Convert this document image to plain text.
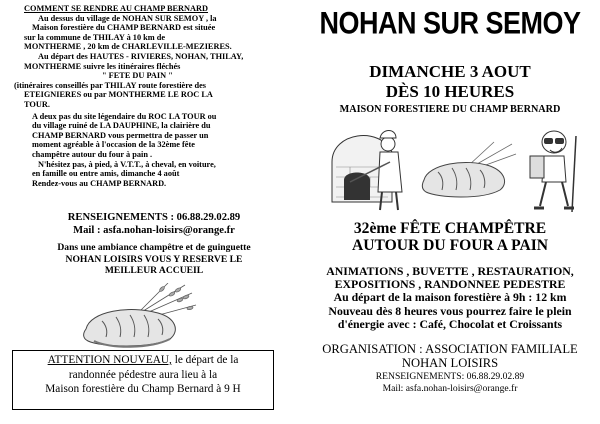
COMMENT SE RENDRE AU CHAMP BERNARD

Au dessus du village de NOHAN SUR SEMOY , la

Maison forestière du CHAMP BERNARD est située

sur la commune de THILAY à 10 km de

MONTHERME , 20 km de CHARLEVILLE-MEZIERES.

Au départ des HAUTES - RIVIERES, NOHAN, THILAY,

MONTHERME suivre les itinéraires fléchés

" FETE DU PAIN "

(itinéraires conseillés par THILAY route forestière des

ETEIGNIERES ou par MONTHERME LE ROC LA

TOUR.

A deux pas du site légendaire du ROC LA TOUR ou

du village ruiné de LA DAUPHINE, la clairière du

CHAMP BERNARD vous permettra de passer un

moment agréable à l'occasion de la 32ème fête

champêtre autour du four à pain .

N'hésitez pas, à pied, à V.T.T., à cheval, en voiture,

en famille ou entre amis, dimanche 4 août

Rendez-vous au CHAMP BERNARD.

RENSEIGNEMENTS : 06.88.29.02.89
Mail : asfa.nohan-loisirs@orange.fr
Dans une ambiance champêtre et de guinguette
NOHAN LOISIRS VOUS Y RESERVE LE
MEILLEUR ACCUEIL
ATTENTION NOUVEAU, le départ de la
randonnée pédestre aura lieu à la
Maison forestière du Champ Bernard à 9 H
NOHAN SUR SEMOY
DIMANCHE 3 AOUT
DÈS 10 HEURES
MAISON FORESTIERE DU CHAMP BERNARD
32ème FÊTE CHAMPÊTRE
AUTOUR DU FOUR A PAIN
ANIMATIONS , BUVETTE , RESTAURATION,
EXPOSITIONS , RANDONNEE PEDESTRE
Au départ de la maison forestière à 9h : 12 km
Nouveau dès 8 heures vous pourrez faire le plein
d'énergie avec : Café, Chocolat et Croissants
ORGANISATION : ASSOCIATION FAMILIALE
NOHAN LOISIRS
RENSEIGNEMENTS: 06.88.29.02.89
Mail: asfa.nohan-loisirs@orange.fr
